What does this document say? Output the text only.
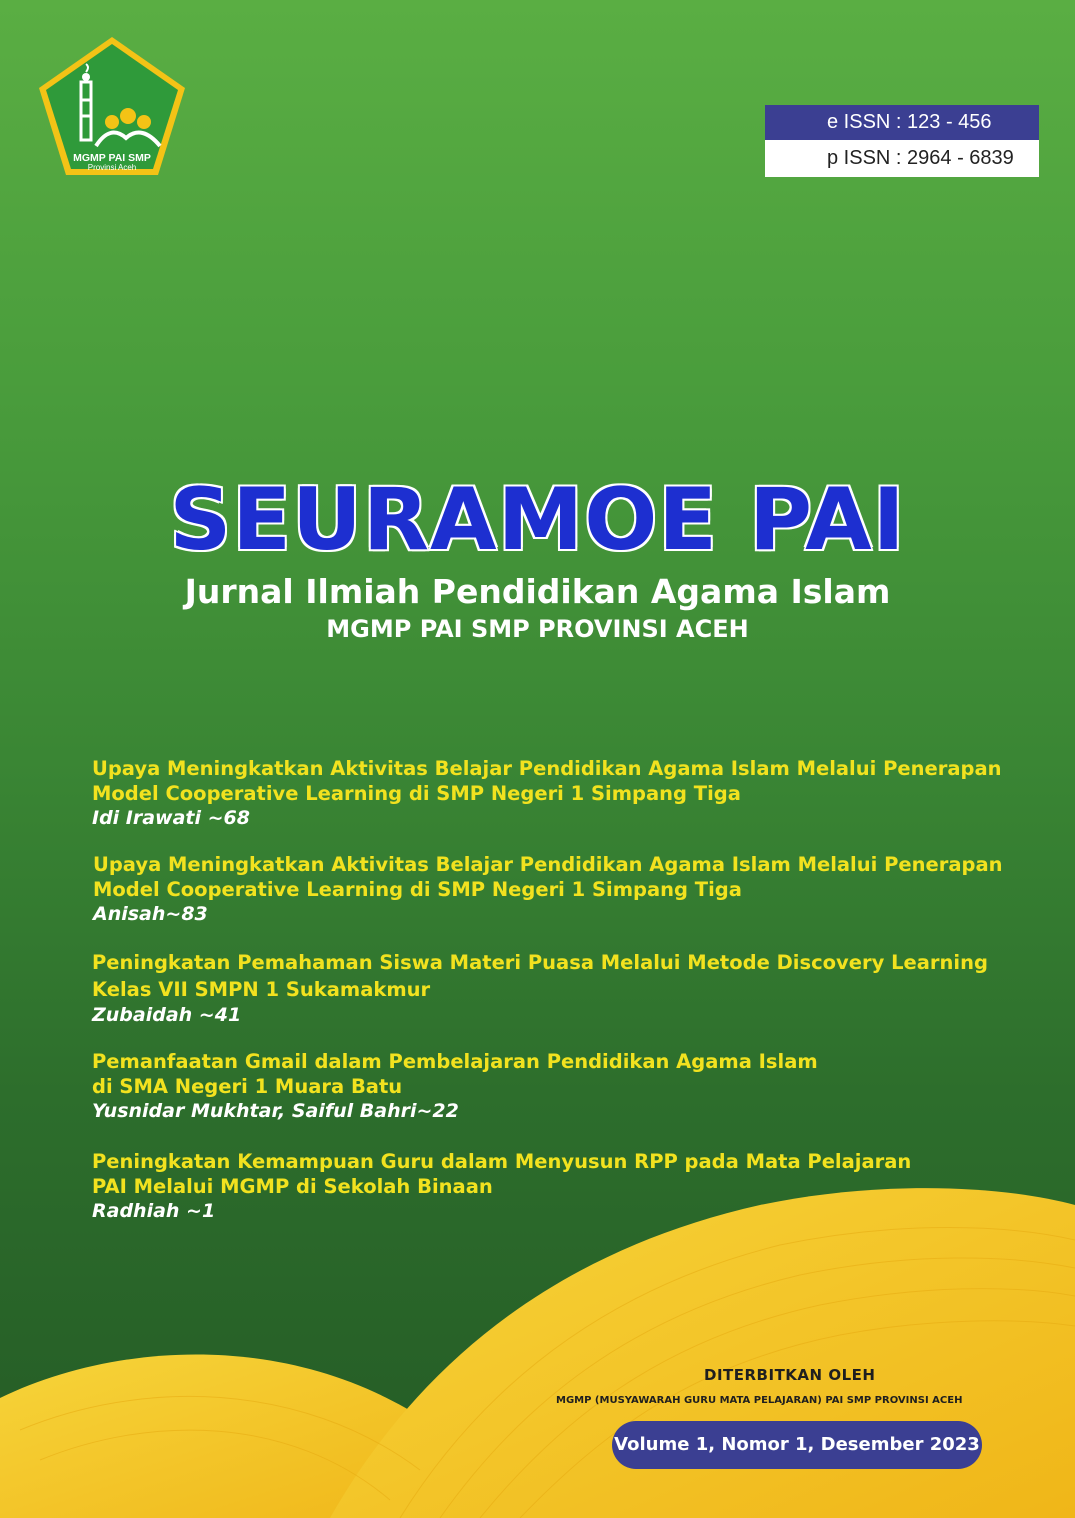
MGMP PAI SMP
Provinsi Aceh
e ISSN : 123 - 456
p ISSN : 2964 - 6839
SEURAMOE PAI
Jurnal Ilmiah Pendidikan Agama Islam
MGMP PAI SMP PROVINSI ACEH
Upaya Meningkatkan Aktivitas Belajar Pendidikan Agama Islam Melalui Penerapan
Model Cooperative Learning di SMP Negeri 1 Simpang Tiga
Idi Irawati ~68
Upaya Meningkatkan Aktivitas Belajar Pendidikan Agama Islam Melalui Penerapan
Model Cooperative Learning di SMP Negeri 1 Simpang Tiga
Anisah~83
Peningkatan Pemahaman Siswa Materi Puasa Melalui Metode Discovery Learning
Kelas VII SMPN 1 Sukamakmur
Zubaidah ~41
Pemanfaatan Gmail dalam Pembelajaran Pendidikan Agama Islam
di SMA Negeri 1 Muara Batu
Yusnidar Mukhtar, Saiful Bahri~22
Peningkatan Kemampuan Guru dalam Menyusun RPP pada Mata Pelajaran
PAI Melalui MGMP di Sekolah Binaan
Radhiah ~1
DITERBITKAN OLEH
MGMP (MUSYAWARAH GURU MATA PELAJARAN) PAI SMP PROVINSI ACEH
Volume 1, Nomor 1, Desember 2023
